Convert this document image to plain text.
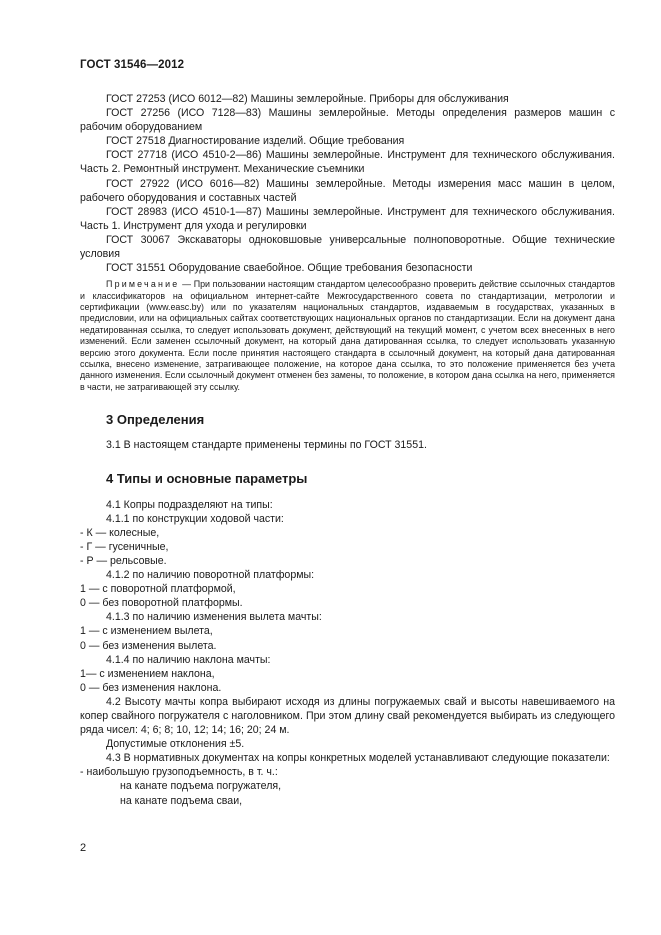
ГОСТ 31546—2012
ГОСТ 27253 (ИСО 6012—82) Машины землеройные. Приборы для обслуживания
ГОСТ 27256 (ИСО 7128—83) Машины землеройные. Методы определения размеров машин с рабочим оборудованием
ГОСТ 27518 Диагностирование изделий. Общие требования
ГОСТ 27718 (ИСО 4510-2—86) Машины землеройные. Инструмент для технического обслуживания. Часть 2. Ремонтный инструмент. Механические съемники
ГОСТ 27922 (ИСО 6016—82) Машины землеройные. Методы измерения масс машин в целом, рабочего оборудования и составных частей
ГОСТ 28983 (ИСО 4510-1—87) Машины землеройные. Инструмент для технического обслуживания. Часть 1. Инструмент для ухода и регулировки
ГОСТ 30067 Экскаваторы одноковшовые универсальные полноповоротные. Общие технические условия
ГОСТ 31551 Оборудование сваебойное. Общие требования безопасности
Примечание — При пользовании настоящим стандартом целесообразно проверить действие ссылочных стандартов и классификаторов на официальном интернет-сайте Межгосударственного совета по стандартизации, метрологии и сертификации (www.easc.by) или по указателям национальных стандартов, издаваемым в государствах, указанных в предисловии, или на официальных сайтах соответствующих национальных органов по стандартизации. Если на документ дана недатированная ссылка, то следует использовать документ, действующий на текущий момент, с учетом всех внесенных в него изменений. Если заменен ссылочный документ, на который дана датированная ссылка, то следует использовать указанную версию этого документа. Если после принятия настоящего стандарта в ссылочный документ, на который дана датированная ссылка, внесено изменение, затрагивающее положение, на которое дана ссылка, то это положение применяется без учета данного изменения. Если ссылочный документ отменен без замены, то положение, в котором дана ссылка на него, применяется в части, не затрагивающей эту ссылку.
3 Определения
3.1 В настоящем стандарте применены термины по ГОСТ 31551.
4 Типы и основные параметры
4.1 Копры подразделяют на типы:
4.1.1 по конструкции ходовой части:
- К — колесные,
- Г — гусеничные,
- Р — рельсовые.
4.1.2 по наличию поворотной платформы:
1 — с поворотной платформой,
0 — без поворотной платформы.
4.1.3 по наличию изменения вылета мачты:
1 — с изменением вылета,
0 — без изменения вылета.
4.1.4 по наличию наклона мачты:
1— с изменением наклона,
0 — без изменения наклона.
4.2 Высоту мачты копра выбирают исходя из длины погружаемых свай и высоты навешиваемого на копер свайного погружателя с наголовником. При этом длину свай рекомендуется выбирать из следующего ряда чисел: 4; 6; 8; 10, 12; 14; 16; 20; 24 м.
Допустимые отклонения ±5.
4.3 В нормативных документах на копры конкретных моделей устанавливают следующие показатели:
- наибольшую грузоподъемность, в т. ч.:
на канате подъема погружателя,
на канате подъема сваи,
2
